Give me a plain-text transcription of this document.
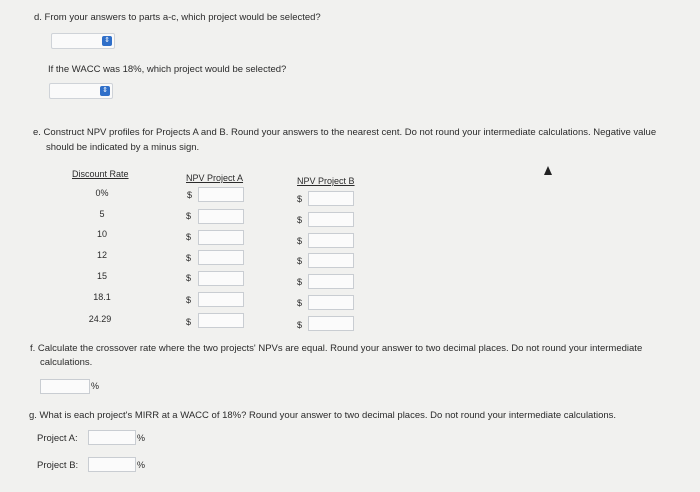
d. From your answers to parts a-c, which project would be selected?
⇕
If the WACC was 18%, which project would be selected?
⇕
e. Construct NPV profiles for Projects A and B. Round your answers to the nearest cent. Do not round your intermediate calculations. Negative value
should be indicated by a minus sign.
Discount Rate	NPV Project A	NPV Project B
0%	$	$
5	$	$
10	$	$
12	$	$
15	$	$
18.1	$	$
24.29	$	$
f. Calculate the crossover rate where the two projects' NPVs are equal. Round your answer to two decimal places. Do not round your intermediate
calculations.
%
g. What is each project's MIRR at a WACC of 18%? Round your answer to two decimal places. Do not round your intermediate calculations.
Project A:	%
Project B:	%
